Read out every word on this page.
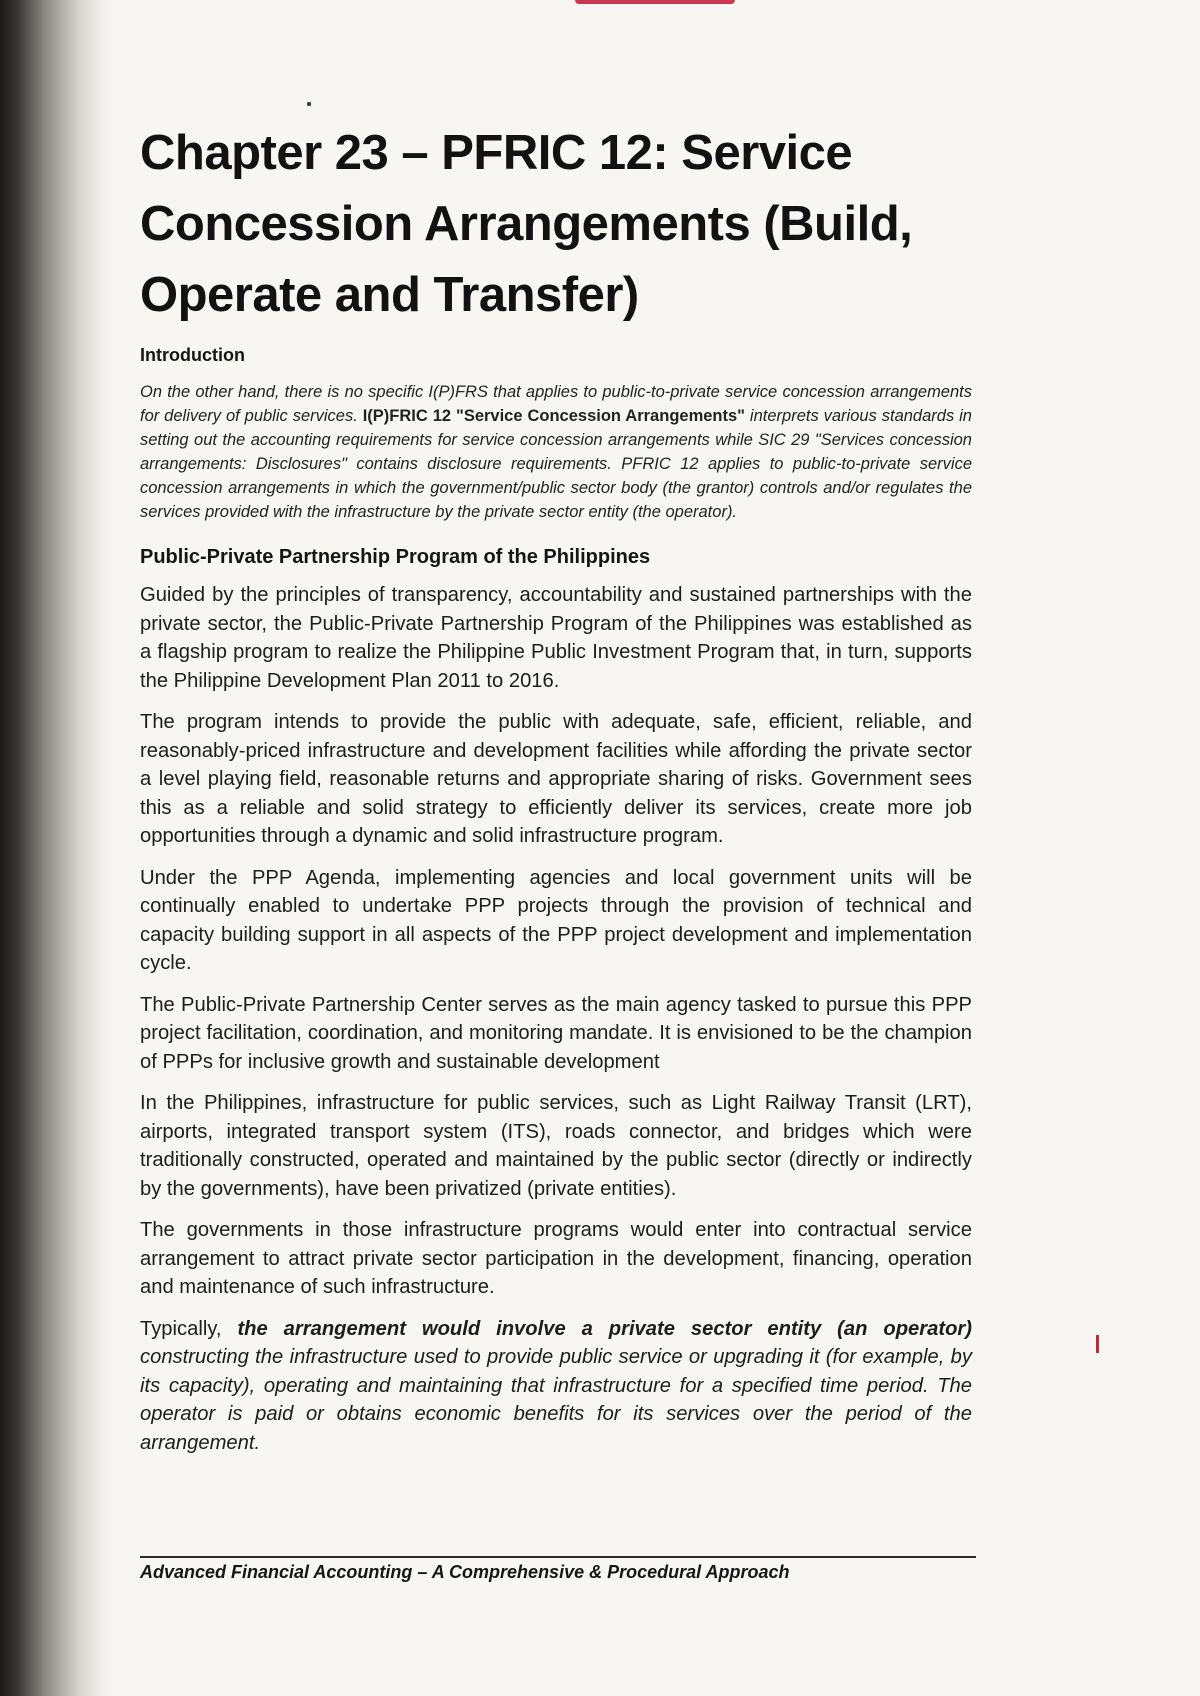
Chapter 23 – PFRIC 12: Service Concession Arrangements (Build, Operate and Transfer)
Introduction

On the other hand, there is no specific I(P)FRS that applies to public-to-private service concession arrangements for delivery of public services. I(P)FRIC 12 "Service Concession Arrangements" interprets various standards in setting out the accounting requirements for service concession arrangements while SIC 29 "Services concession arrangements: Disclosures" contains disclosure requirements. PFRIC 12 applies to public-to-private service concession arrangements in which the government/public sector body (the grantor) controls and/or regulates the services provided with the infrastructure by the private sector entity (the operator).

Public-Private Partnership Program of the Philippines

Guided by the principles of transparency, accountability and sustained partnerships with the private sector, the Public-Private Partnership Program of the Philippines was established as a flagship program to realize the Philippine Public Investment Program that, in turn, supports the Philippine Development Plan 2011 to 2016.

The program intends to provide the public with adequate, safe, efficient, reliable, and reasonably-priced infrastructure and development facilities while affording the private sector a level playing field, reasonable returns and appropriate sharing of risks. Government sees this as a reliable and solid strategy to efficiently deliver its services, create more job opportunities through a dynamic and solid infrastructure program.

Under the PPP Agenda, implementing agencies and local government units will be continually enabled to undertake PPP projects through the provision of technical and capacity building support in all aspects of the PPP project development and implementation cycle.

The Public-Private Partnership Center serves as the main agency tasked to pursue this PPP project facilitation, coordination, and monitoring mandate. It is envisioned to be the champion of PPPs for inclusive growth and sustainable development

In the Philippines, infrastructure for public services, such as Light Railway Transit (LRT), airports, integrated transport system (ITS), roads connector, and bridges which were traditionally constructed, operated and maintained by the public sector (directly or indirectly by the governments), have been privatized (private entities).

The governments in those infrastructure programs would enter into contractual service arrangement to attract private sector participation in the development, financing, operation and maintenance of such infrastructure.

Typically, the arrangement would involve a private sector entity (an operator) constructing the infrastructure used to provide public service or upgrading it (for example, by its capacity), operating and maintaining that infrastructure for a specified time period. The operator is paid or obtains economic benefits for its services over the period of the arrangement.

Advanced Financial Accounting – A Comprehensive & Procedural Approach
